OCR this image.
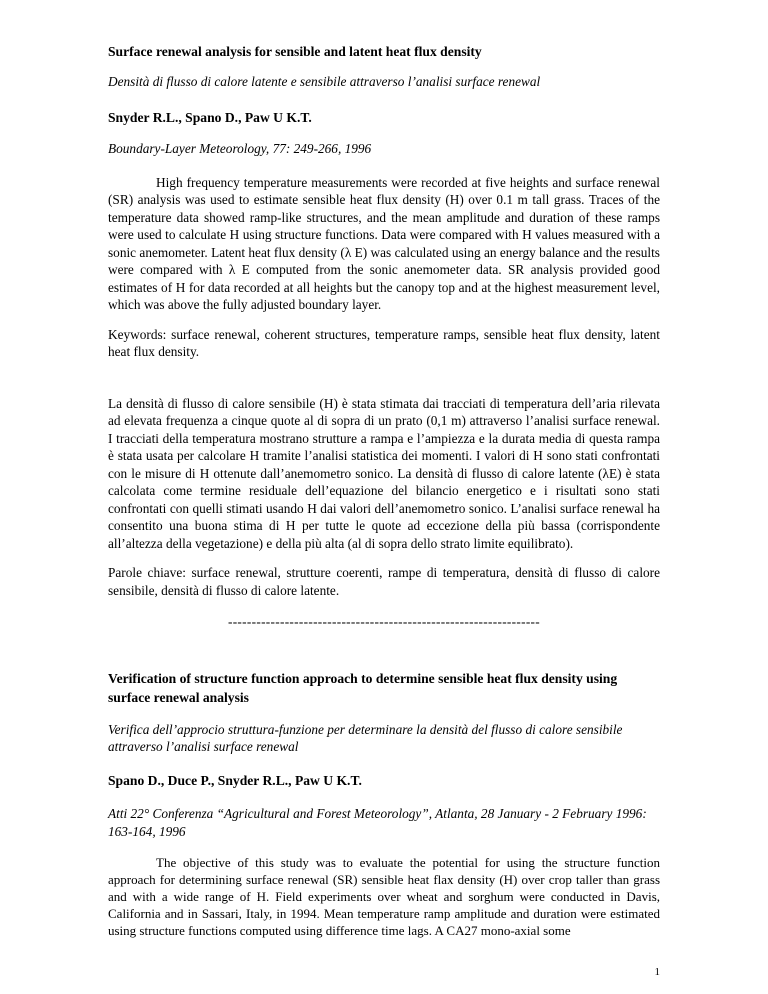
Surface renewal analysis for sensible and latent heat flux density

Densità di flusso di calore latente e sensibile attraverso l’analisi surface renewal

Snyder R.L., Spano D., Paw U K.T.

Boundary-Layer Meteorology, 77: 249-266, 1996

High frequency temperature measurements were recorded at five heights and surface renewal (SR) analysis was used to estimate sensible heat flux density (H) over 0.1 m tall grass. Traces of the temperature data showed ramp-like structures, and the mean amplitude and duration of these ramps were used to calculate H using structure functions. Data were compared with H values measured with a sonic anemometer. Latent heat flux density (λ E) was calculated using an energy balance and the results were compared with λ E computed from the sonic anemometer data. SR analysis provided good estimates of H for data recorded at all heights but the canopy top and at the highest measurement level, which was above the fully adjusted boundary layer.

Keywords: surface renewal, coherent structures, temperature ramps, sensible heat flux density, latent heat flux density.

La densità di flusso di calore sensibile (H) è stata stimata dai tracciati di temperatura dell’aria rilevata ad elevata frequenza a cinque quote al di sopra di un prato (0,1 m) attraverso l’analisi surface renewal. I tracciati della temperatura mostrano strutture a rampa e l’ampiezza e la durata media di questa rampa è stata usata per calcolare H tramite l’analisi statistica dei momenti. I valori di H sono stati confrontati con le misure di H ottenute dall’anemometro sonico. La densità di flusso di calore latente (λE) è stata calcolata come termine residuale dell’equazione del bilancio energetico e i risultati sono stati confrontati con quelli stimati usando H dai valori dell’anemometro sonico. L’analisi surface renewal ha consentito una buona stima di H per tutte le quote ad eccezione della più bassa (corrispondente all’altezza della vegetazione) e della più alta (al di sopra dello strato limite equilibrato).

Parole chiave: surface renewal, strutture coerenti, rampe di temperatura, densità di flusso di calore sensibile, densità di flusso di calore latente.

------------------------------------------------------------------

Verification of structure function approach to determine sensible heat flux density using surface renewal analysis

Verifica dell’approcio struttura-funzione per determinare la densità del flusso di calore sensibile attraverso l’analisi surface renewal

Spano D., Duce P., Snyder R.L., Paw U K.T.

Atti 22° Conferenza “Agricultural and Forest Meteorology”, Atlanta, 28 January - 2 February 1996: 163-164, 1996

The objective of this study was to evaluate the potential for using the structure function approach for determining surface renewal (SR) sensible heat flax density (H) over crop taller than grass and with a wide range of H. Field experiments over wheat and sorghum were conducted in Davis, California and in Sassari, Italy, in 1994. Mean temperature ramp amplitude and duration were estimated using structure functions computed using difference time lags. A CA27 mono-axial some

1
